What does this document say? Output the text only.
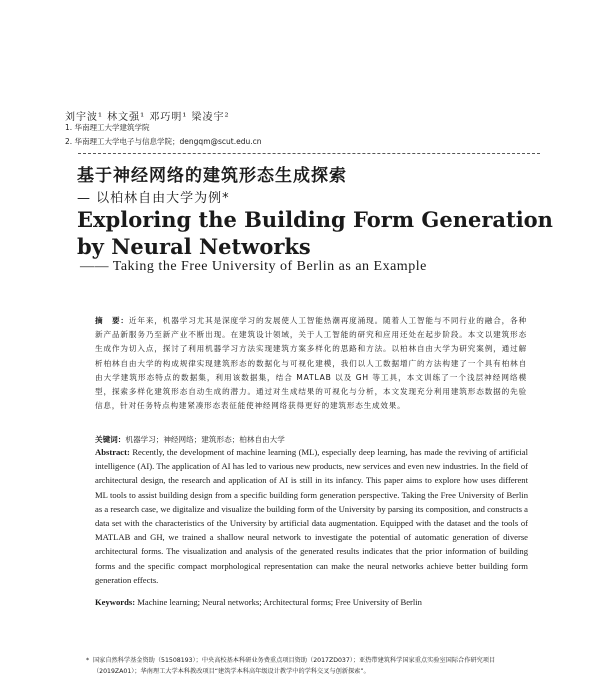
刘宇波¹ 林文强¹ 邓巧明¹ 梁凌宇²
1. 华南理工大学建筑学院
2. 华南理工大学电子与信息学院；dengqm@scut.edu.cn
基于神经网络的建筑形态生成探索
— 以柏林自由大学为例*
Exploring the Building Form Generation
by Neural Networks
—— Taking the Free University of Berlin as an Example

摘　要：近年来，机器学习尤其是深度学习的发展使人工智能热潮再度涌现。随着人工智能与不同行业的融合，各种新产品新服务乃至新产业不断出现。在建筑设计领域，关于人工智能的研究和应用还处在起步阶段。本文以建筑形态生成作为切入点，探讨了利用机器学习方法实现建筑方案多样化的思路和方法。以柏林自由大学为研究案例，通过解析柏林自由大学的构成规律实现建筑形态的数据化与可视化建模，我们以人工数据增广的方法构建了一个具有柏林自由大学建筑形态特点的数据集，利用该数据集，结合 MATLAB 以及 GH 等工具，本文训练了一个浅层神经网络模型，探索多样化建筑形态自动生成的潜力。通过对生成结果的可视化与分析，本文发现充分利用建筑形态数据的先验信息，针对任务特点构建紧凑形态表征能使神经网络获得更好的建筑形态生成效果。

关键词：机器学习；神经网络；建筑形态；柏林自由大学

Abstract: Recently, the development of machine learning (ML), especially deep learning, has made the reviving of artificial intelligence (AI). The application of AI has led to various new products, new services and even new industries. In the field of architectural design, the research and application of AI is still in its infancy. This paper aims to explore how uses different ML tools to assist building design from a specific building form generation perspective. Taking the Free University of Berlin as a research case, we digitalize and visualize the building form of the University by parsing its composition, and constructs a data set with the characteristics of the University by artificial data augmentation. Equipped with the dataset and the tools of MATLAB and GH, we trained a shallow neural network to investigate the potential of automatic generation of diverse architectural forms. The visualization and analysis of the generated results indicates that the prior information of building forms and the specific compact morphological representation can make the neural networks achieve better building form generation effects.

Keywords: Machine learning; Neural networks; Architectural forms; Free University of Berlin

* 国家自然科学基金资助（51508193）；中央高校基本科研业务费重点项目资助（2017ZD037）；亚热带建筑科学国家重点实验室国际合作研究项目（2019ZA01）；华南理工大学本科教改项目“建筑学本科高年级设计教学中的学科交叉与创新探索”。
